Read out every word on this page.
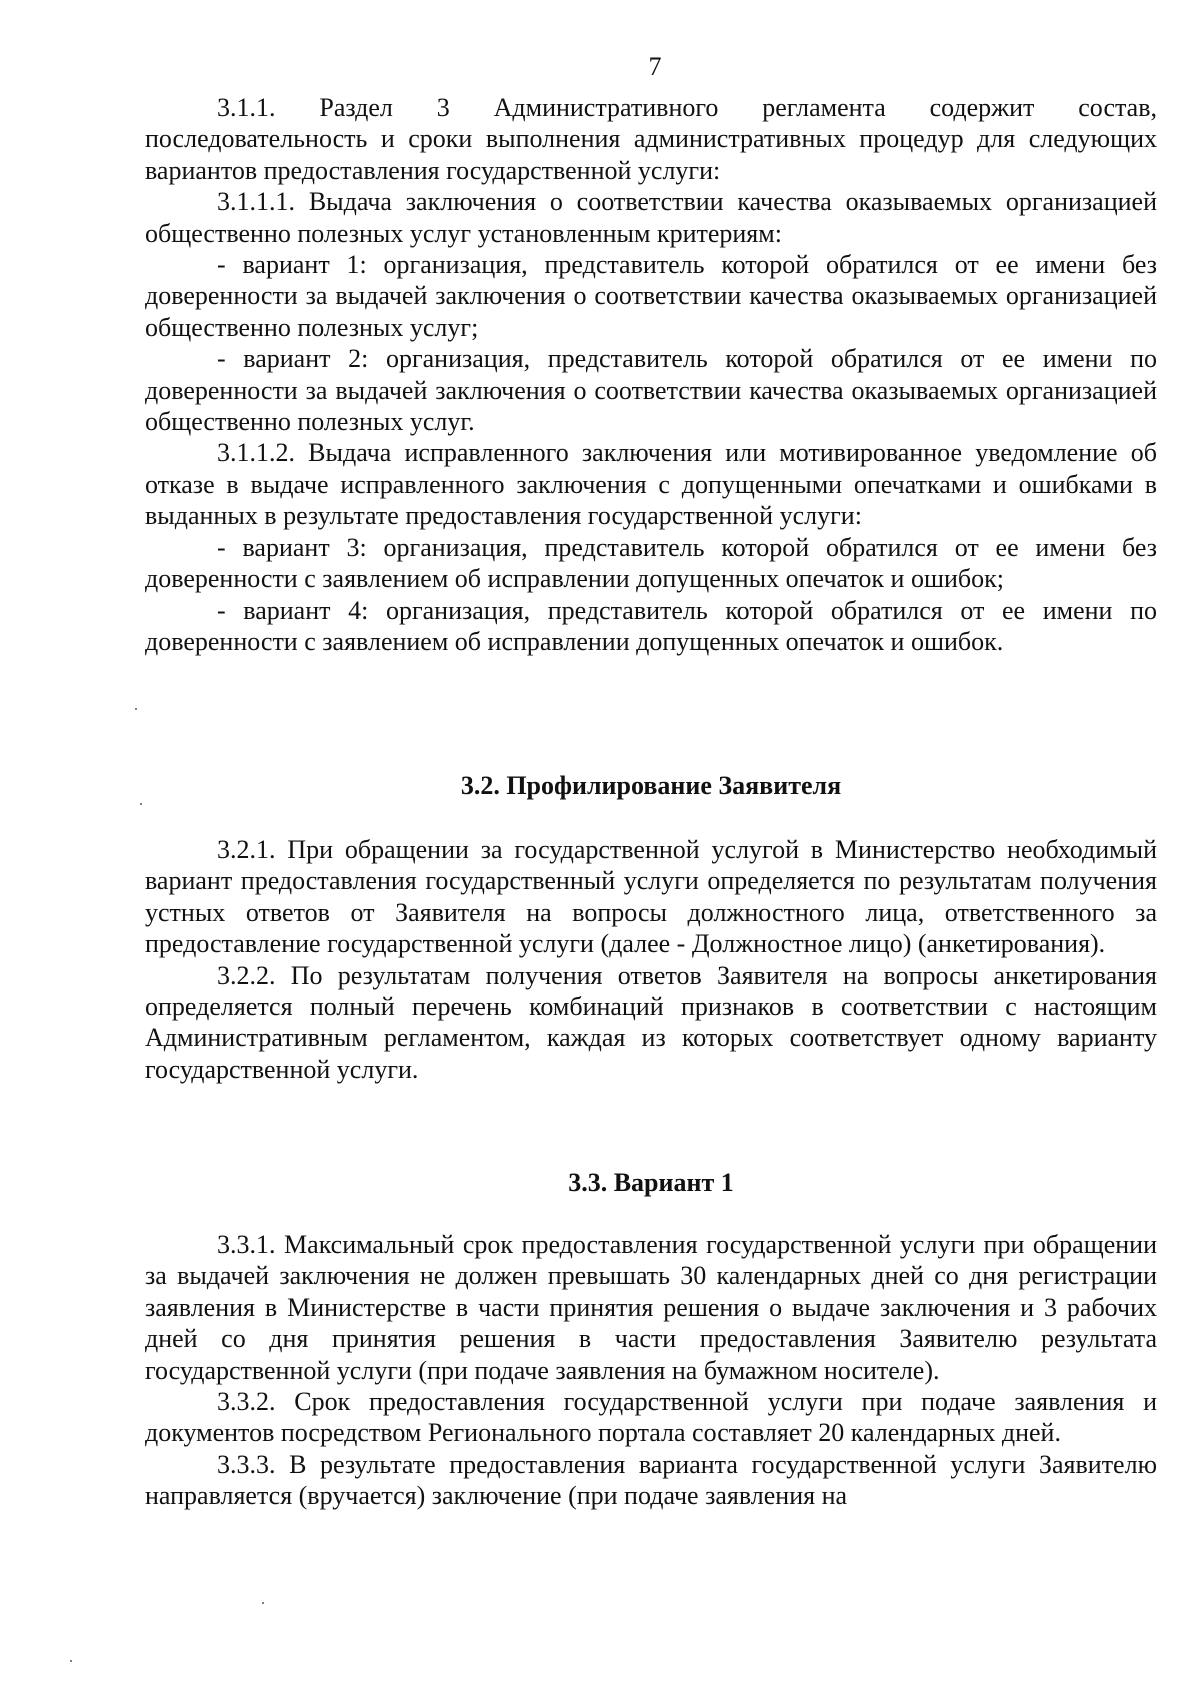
7

3.1.1. Раздел 3 Административного регламента содержит состав, последовательность и сроки выполнения административных процедур для следующих вариантов предоставления государственной услуги:

3.1.1.1. Выдача заключения о соответствии качества оказываемых организацией общественно полезных услуг установленным критериям:

- вариант 1: организация, представитель которой обратился от ее имени без доверенности за выдачей заключения о соответствии качества оказываемых организацией общественно полезных услуг;

- вариант 2: организация, представитель которой обратился от ее имени по доверенности за выдачей заключения о соответствии качества оказываемых организацией общественно полезных услуг.

3.1.1.2. Выдача исправленного заключения или мотивированное уведомление об отказе в выдаче исправленного заключения с допущенными опечатками и ошибками в выданных в результате предоставления государственной услуги:

- вариант 3: организация, представитель которой обратился от ее имени без доверенности с заявлением об исправлении допущенных опечаток и ошибок;

- вариант 4: организация, представитель которой обратился от ее имени по доверенности с заявлением об исправлении допущенных опечаток и ошибок.

3.2. Профилирование Заявителя

3.2.1. При обращении за государственной услугой в Министерство необходимый вариант предоставления государственный услуги определяется по результатам получения устных ответов от Заявителя на вопросы должностного лица, ответственного за предоставление государственной услуги (далее - Должностное лицо) (анкетирования).

3.2.2. По результатам получения ответов Заявителя на вопросы анкетирования определяется полный перечень комбинаций признаков в соответствии с настоящим Административным регламентом, каждая из которых соответствует одному варианту государственной услуги.

3.3. Вариант 1

3.3.1. Максимальный срок предоставления государственной услуги при обращении за выдачей заключения не должен превышать 30 календарных дней со дня регистрации заявления в Министерстве в части принятия решения о выдаче заключения и 3 рабочих дней со дня принятия решения в части предоставления Заявителю результата государственной услуги (при подаче заявления на бумажном носителе).

3.3.2. Срок предоставления государственной услуги при подаче заявления и документов посредством Регионального портала составляет 20 календарных дней.

3.3.3. В результате предоставления варианта государственной услуги Заявителю направляется (вручается) заключение (при подаче заявления на
